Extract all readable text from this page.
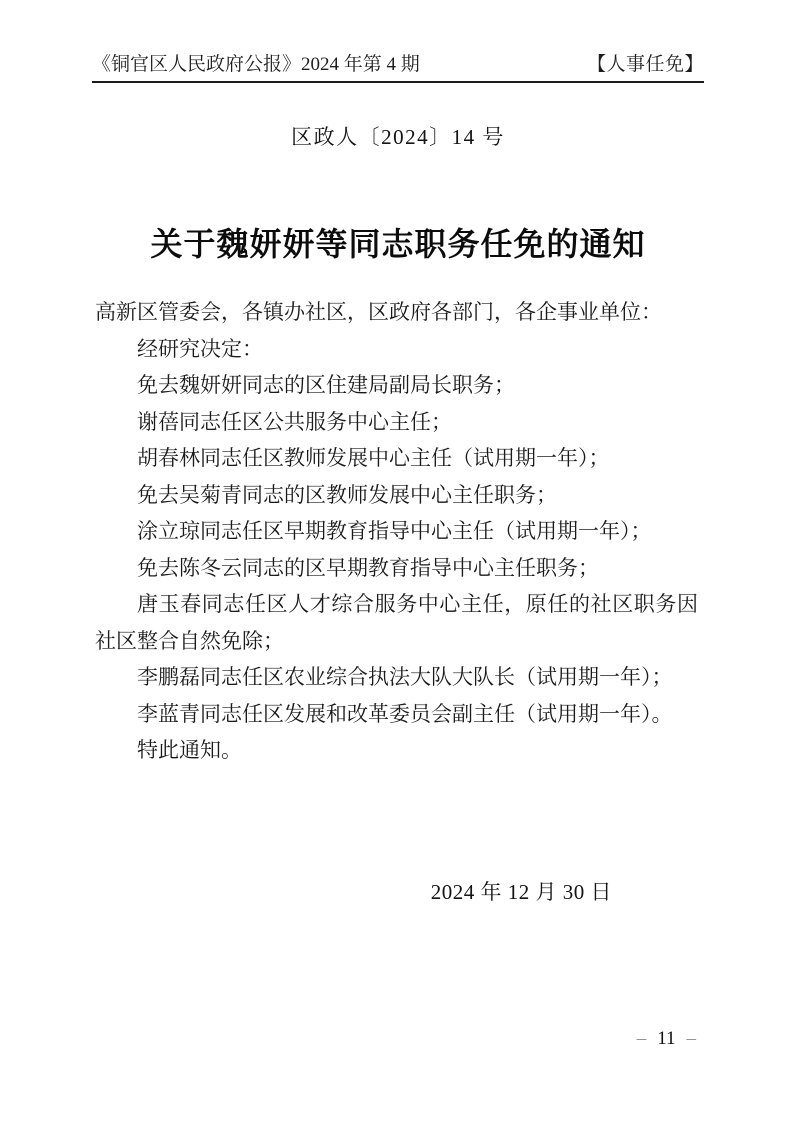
《铜官区人民政府公报》2024 年第 4 期	【人事任免】
区政人〔2024〕14 号
关于魏妍妍等同志职务任免的通知

高新区管委会，各镇办社区，区政府各部门，各企事业单位：

经研究决定：

免去魏妍妍同志的区住建局副局长职务；

谢蓓同志任区公共服务中心主任；

胡春林同志任区教师发展中心主任（试用期一年）；

免去吴菊青同志的区教师发展中心主任职务；

涂立琼同志任区早期教育指导中心主任（试用期一年）；

免去陈冬云同志的区早期教育指导中心主任职务；

唐玉春同志任区人才综合服务中心主任，原任的社区职务因社区整合自然免除；

李鹏磊同志任区农业综合执法大队大队长（试用期一年）；

李蓝青同志任区发展和改革委员会副主任（试用期一年）。

特此通知。

2024 年 12 月 30 日
– 11 –
